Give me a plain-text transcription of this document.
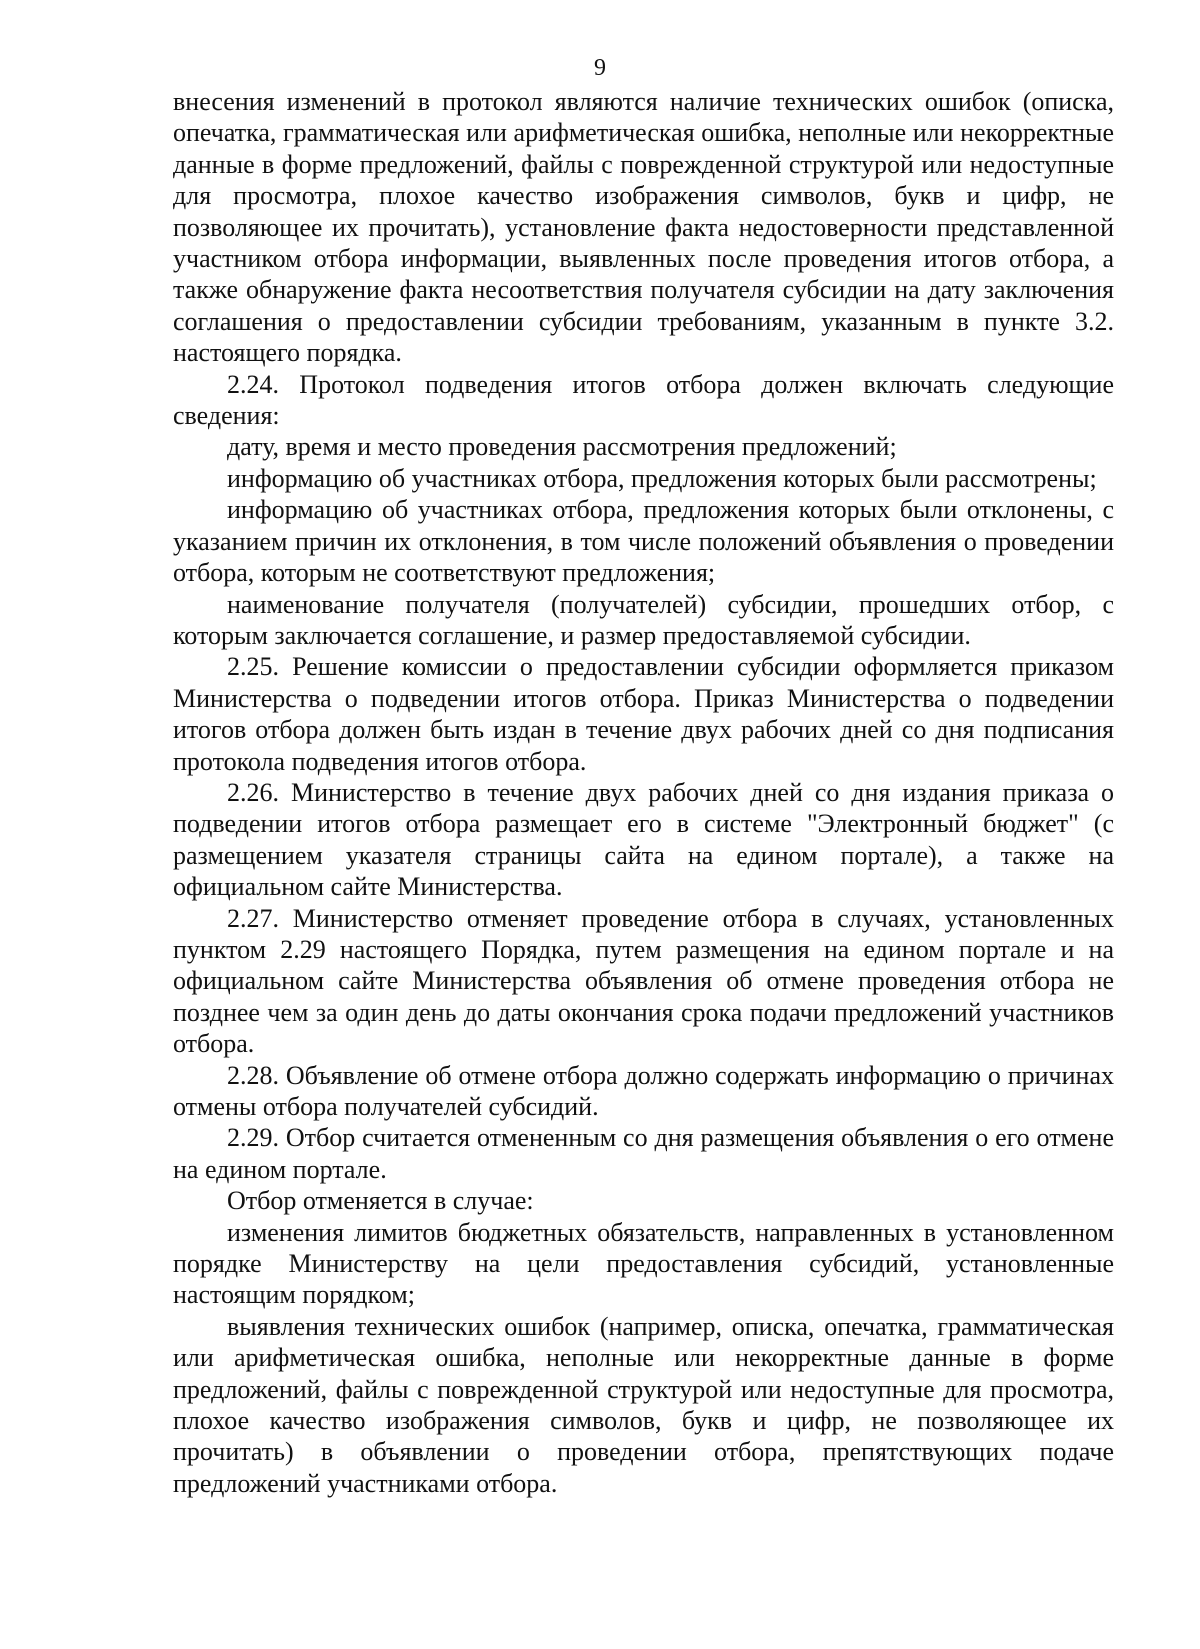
9

внесения изменений в протокол являются наличие технических ошибок (описка, опечатка, грамматическая или арифметическая ошибка, неполные или некорректные данные в форме предложений, файлы с поврежденной структурой или недоступные для просмотра, плохое качество изображения символов, букв и цифр, не позволяющее их прочитать), установление факта недостоверности представленной участником отбора информации, выявленных после проведения итогов отбора, а также обнаружение факта несоответствия получателя субсидии на дату заключения соглашения о предоставлении субсидии требованиям, указанным в пункте 3.2. настоящего порядка.

2.24. Протокол подведения итогов отбора должен включать следующие сведения:

дату, время и место проведения рассмотрения предложений;

информацию об участниках отбора, предложения которых были рассмотрены;

информацию об участниках отбора, предложения которых были отклонены, с указанием причин их отклонения, в том числе положений объявления о проведении отбора, которым не соответствуют предложения;

наименование получателя (получателей) субсидии, прошедших отбор, с которым заключается соглашение, и размер предоставляемой субсидии.

2.25. Решение комиссии о предоставлении субсидии оформляется приказом Министерства о подведении итогов отбора. Приказ Министерства о подведении итогов отбора должен быть издан в течение двух рабочих дней со дня подписания протокола подведения итогов отбора.

2.26. Министерство в течение двух рабочих дней со дня издания приказа о подведении итогов отбора размещает его в системе "Электронный бюджет" (с размещением указателя страницы сайта на едином портале), а также на официальном сайте Министерства.

2.27. Министерство отменяет проведение отбора в случаях, установленных пунктом 2.29 настоящего Порядка, путем размещения на едином портале и на официальном сайте Министерства объявления об отмене проведения отбора не позднее чем за один день до даты окончания срока подачи предложений участников отбора.

2.28. Объявление об отмене отбора должно содержать информацию о причинах отмены отбора получателей субсидий.

2.29. Отбор считается отмененным со дня размещения объявления о его отмене на едином портале.

Отбор отменяется в случае:

изменения лимитов бюджетных обязательств, направленных в установленном порядке Министерству на цели предоставления субсидий, установленные настоящим порядком;

выявления технических ошибок (например, описка, опечатка, грамматическая или арифметическая ошибка, неполные или некорректные данные в форме предложений, файлы с поврежденной структурой или недоступные для просмотра, плохое качество изображения символов, букв и цифр, не позволяющее их прочитать) в объявлении о проведении отбора, препятствующих подаче предложений участниками отбора.
